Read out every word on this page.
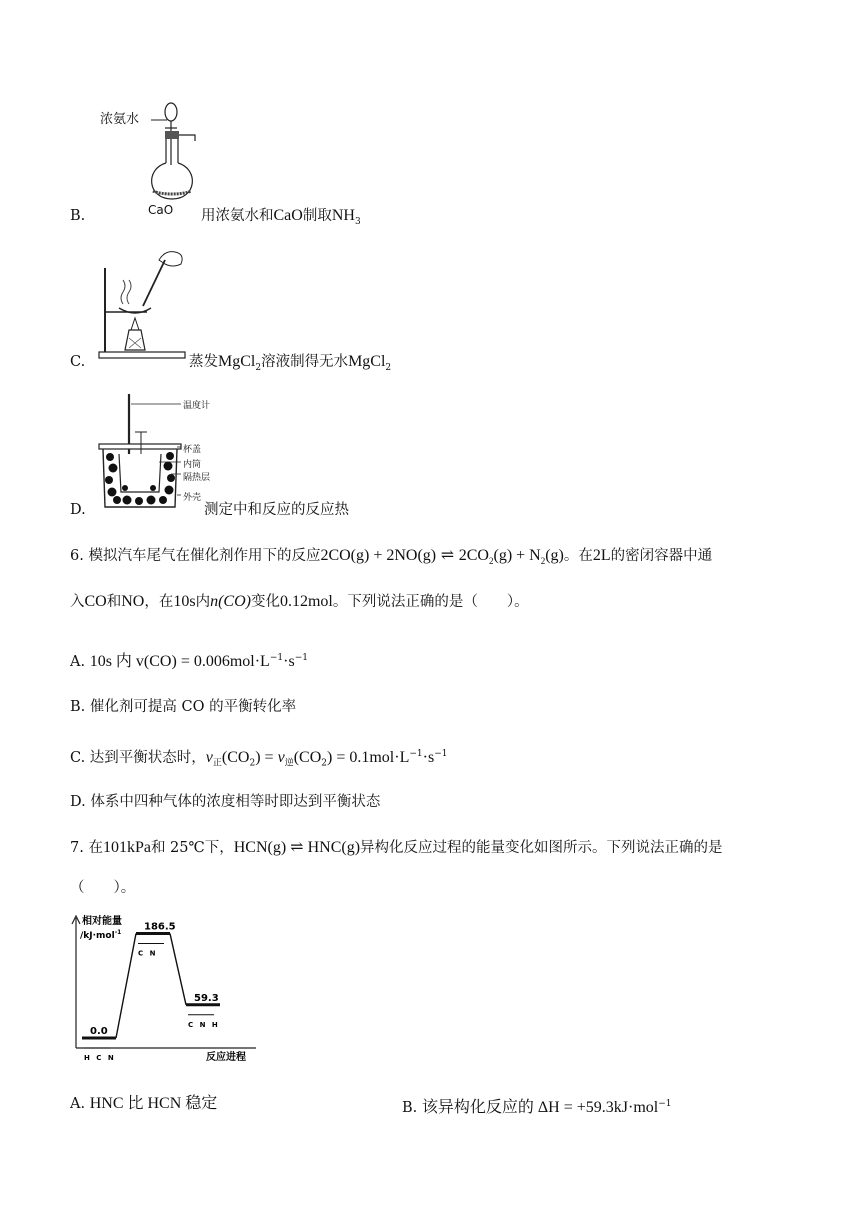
浓氨水
CaO
B.	用浓氨水和CaO制取$NH_3$
C.	蒸发MgCl$_2$溶液制得无水MgCl$_2$
温度计
杯盖
内筒
隔热层
外壳
D.	测定中和反应的反应热
6. 模拟汽车尾气在催化剂作用下的反应2CO(g) + 2NO(g) ⇌ $2CO_2(g) + N_2(g)$。在2L的密闭容器中通
入CO和NO，在10s内n(CO)变化0.12mol。下列说法正确的是（　　）。
A. 10s 内 $v(CO) = 0.006mol\cdot L^{-1}\cdot s^{-1}$
B. 催化剂可提高 CO 的平衡转化率
C. 达到平衡状态时，$v_正(CO_2) = v_逆(CO_2) = 0.1mol\cdot L^{-1}\cdot s^{-1}$
D. 体系中四种气体的浓度相等时即达到平衡状态
7. 在101kPa和 25℃下，HCN(g) ⇌ HNC(g)异构化反应过程的能量变化如图所示。下列说法正确的是
（　　）。
相对能量
/kJ·mol$^{-1}$
反应进程
0.0
H C N
186.5
C N
59.3
C N H
A. HNC 比 HCN 稳定	B. 该异构化反应的 ΔH = +59.3kJ·mol$^{-1}$
